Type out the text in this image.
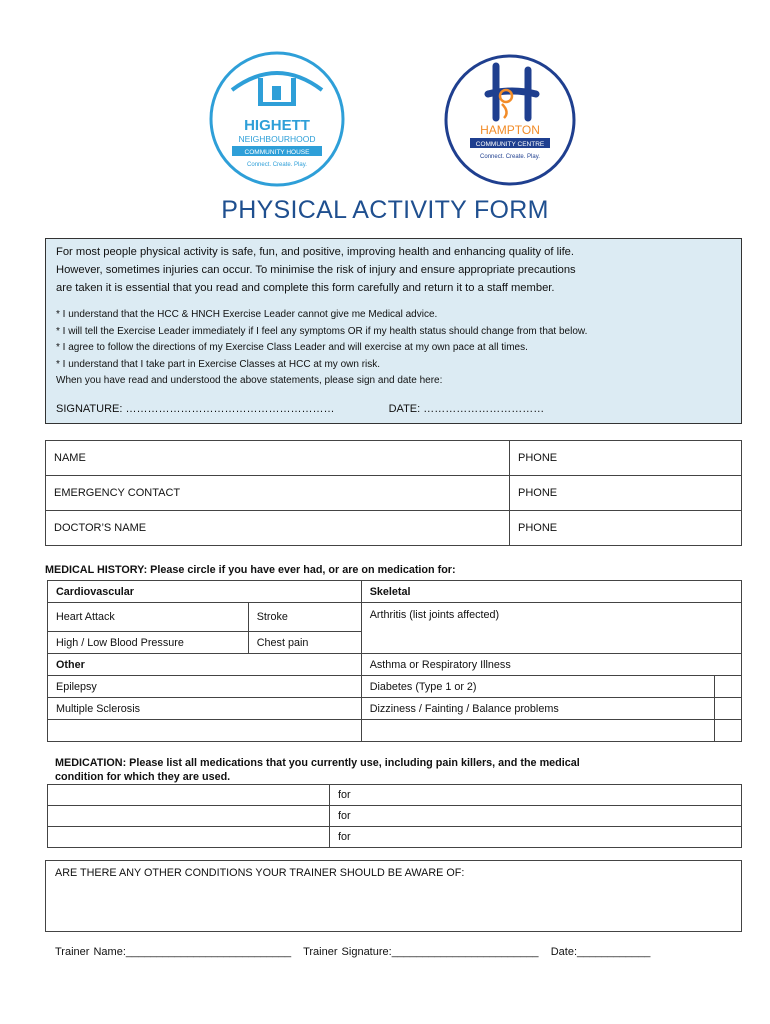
HIGHETT
NEIGHBOURHOOD
COMMUNITY HOUSE
Connect. Create. Play.
HAMPTON
COMMUNITY CENTRE
Connect. Create. Play.
PHYSICAL ACTIVITY FORM
For most people physical activity is safe, fun, and positive, improving health and enhancing quality of life.
However, sometimes injuries can occur. To minimise the risk of injury and ensure appropriate precautions
are taken it is essential that you read and complete this form carefully and return it to a staff member.
* I understand that the HCC & HNCH Exercise Leader cannot give me Medical advice.
* I will tell the Exercise Leader immediately if I feel any symptoms OR if my health status should change from that below.
* I agree to follow the directions of my Exercise Class Leader and will exercise at my own pace at all times.
* I understand that I take part in Exercise Classes at HCC at my own risk.
When you have read and understood the above statements, please sign and date here:
SIGNATURE: …………………………………………………	DATE: ……………………………
NAME	PHONE
EMERGENCY CONTACT	PHONE
DOCTOR’S NAME	PHONE
MEDICAL HISTORY: Please circle if you have ever had, or are on medication for:
Cardiovascular		Skeletal	
Heart Attack	Stroke	Arthritis (list joints affected)	
High / Low Blood Pressure	Chest pain		
Other		Asthma or Respiratory Illness	
Epilepsy		Diabetes (Type 1 or 2)	
Multiple Sclerosis		Dizziness / Fainting / Balance problems	

MEDICATION: Please list all medications that you currently use, including pain killers, and the medical
condition for which they are used.
	for
	for
	for
ARE THERE ANY OTHER CONDITIONS YOUR TRAINER SHOULD BE AWARE OF:
Trainer Name:___________________________ Trainer Signature:________________________ Date:____________
